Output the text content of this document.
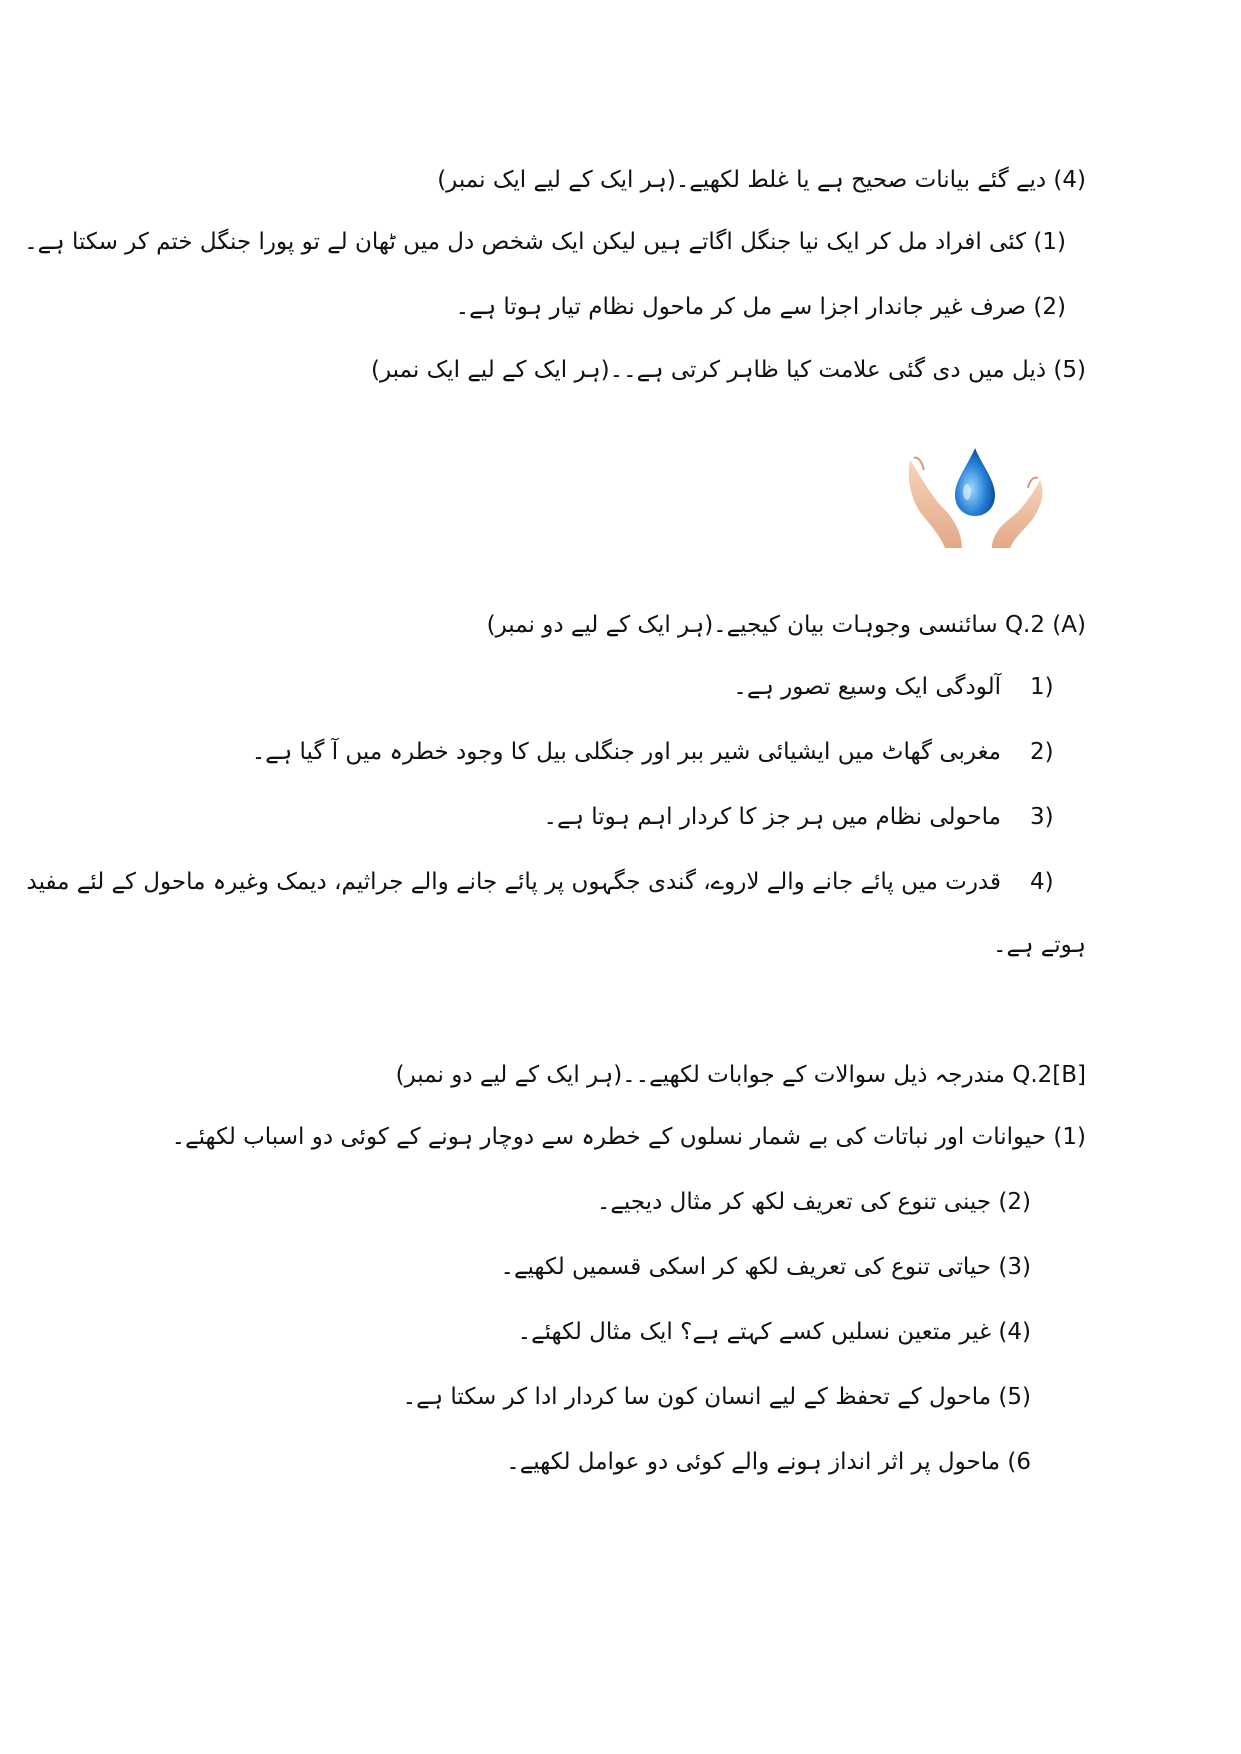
(4) دیے گئے بیانات صحیح ہے یا غلط لکھیے۔(ہر ایک کے لیے ایک نمبر)
(1) کئی افراد مل کر ایک نیا جنگل اگاتے ہیں لیکن ایک شخص دل میں ٹھان لے تو پورا جنگل ختم کر سکتا ہے۔
(2) صرف غیر جاندار اجزا سے مل کر ماحول نظام تیار ہوتا ہے۔
(5) ذیل میں دی گئی علامت کیا ظاہر کرتی ہے۔۔(ہر ایک کے لیے ایک نمبر)
Q.2 (A) سائنسی وجوہات بیان کیجیے۔(ہر ایک کے لیے دو نمبر)
1)
آلودگی ایک وسیع تصور ہے۔
2)
مغربی گھاٹ میں ایشیائی شیر ببر اور جنگلی بیل کا وجود خطرہ میں آ گیا ہے۔
3)
ماحولی نظام میں ہر جز کا کردار اہم ہوتا ہے۔
4)
قدرت میں پائے جانے والے لاروے، گندی جگہوں پر پائے جانے والے جراثیم، دیمک وغیرہ ماحول کے لئے مفید
ہوتے ہے۔
Q.2[B] مندرجہ ذیل سوالات کے جوابات لکھیے۔۔(ہر ایک کے لیے دو نمبر)
(1) حیوانات اور نباتات کی بے شمار نسلوں کے خطرہ سے دوچار ہونے کے کوئی دو اسباب لکھئے۔
(2) جینی تنوع کی تعریف لکھ کر مثال دیجیے۔
(3) حیاتی تنوع کی تعریف لکھ کر اسکی قسمیں لکھیے۔
(4) غیر متعین نسلیں کسے کہتے ہے؟ ایک مثال لکھئے۔
(5) ماحول کے تحفظ کے لیے انسان کون سا کردار ادا کر سکتا ہے۔
6) ماحول پر اثر انداز ہونے والے کوئی دو عوامل لکھیے۔
